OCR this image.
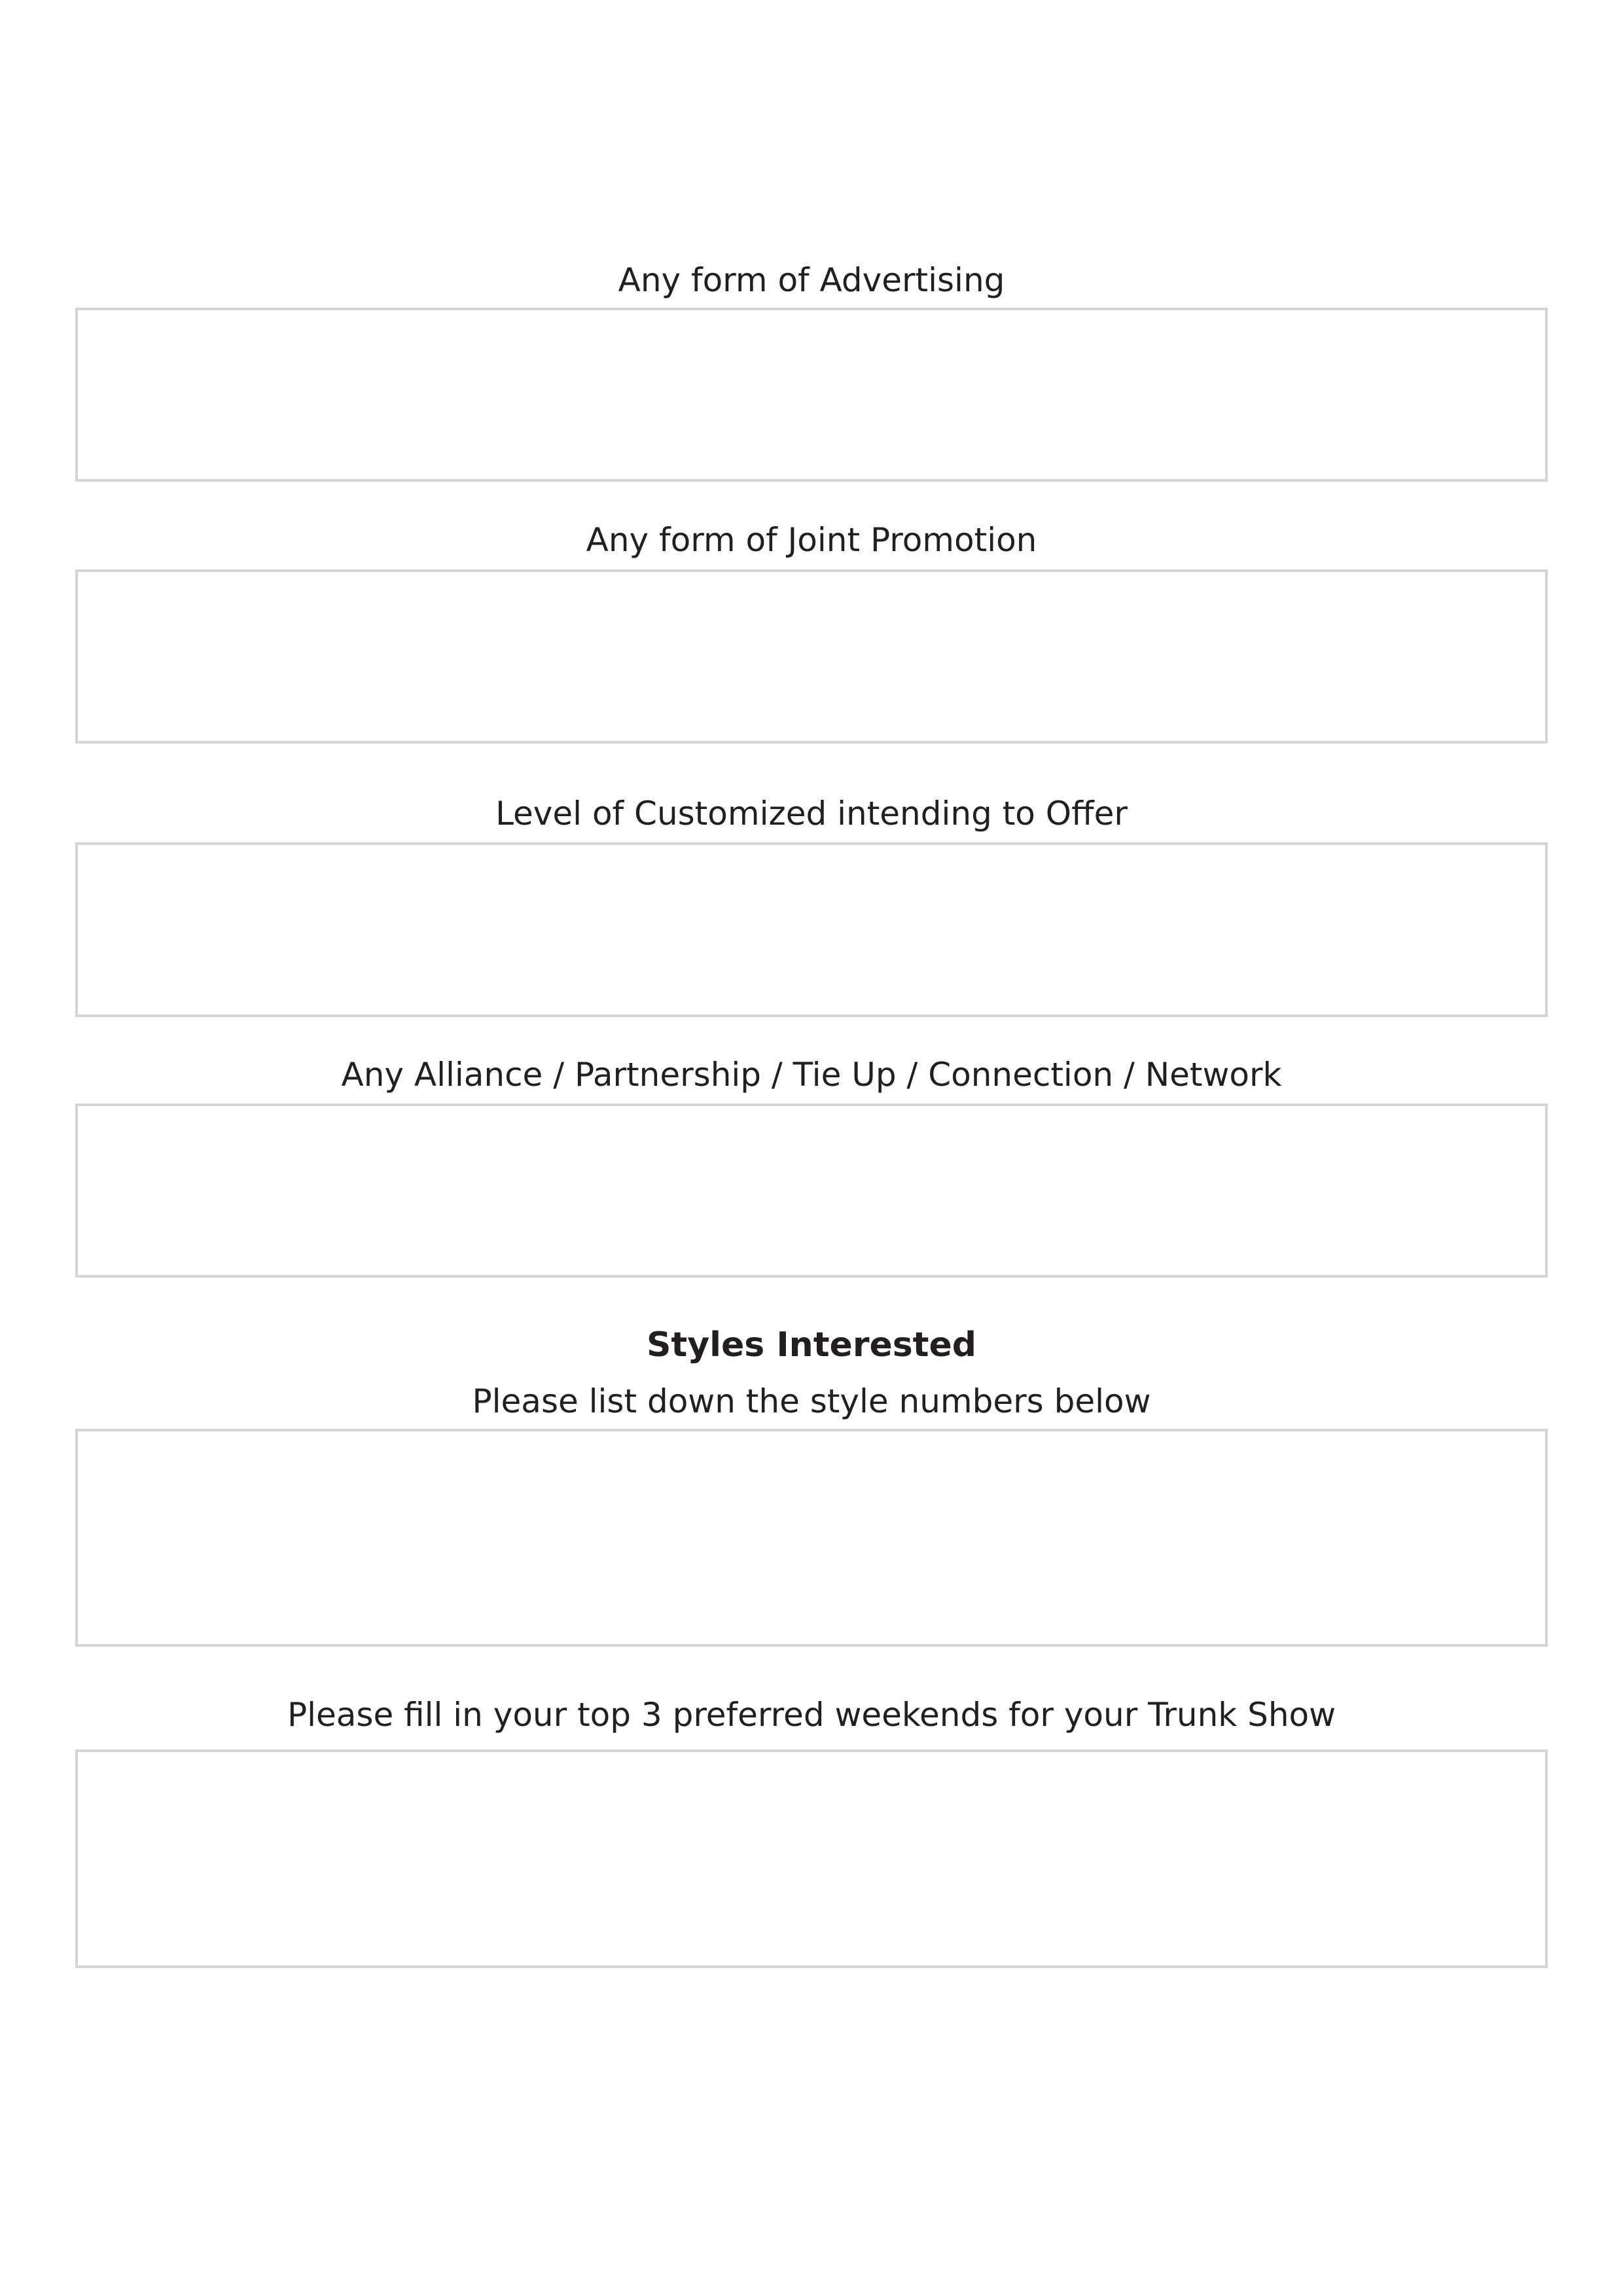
Any form of Advertising
Any form of Joint Promotion
Level of Customized intending to Offer
Any Alliance / Partnership / Tie Up / Connection / Network
Styles Interested
Please list down the style numbers below
Please fill in your top 3 preferred weekends for your Trunk Show
